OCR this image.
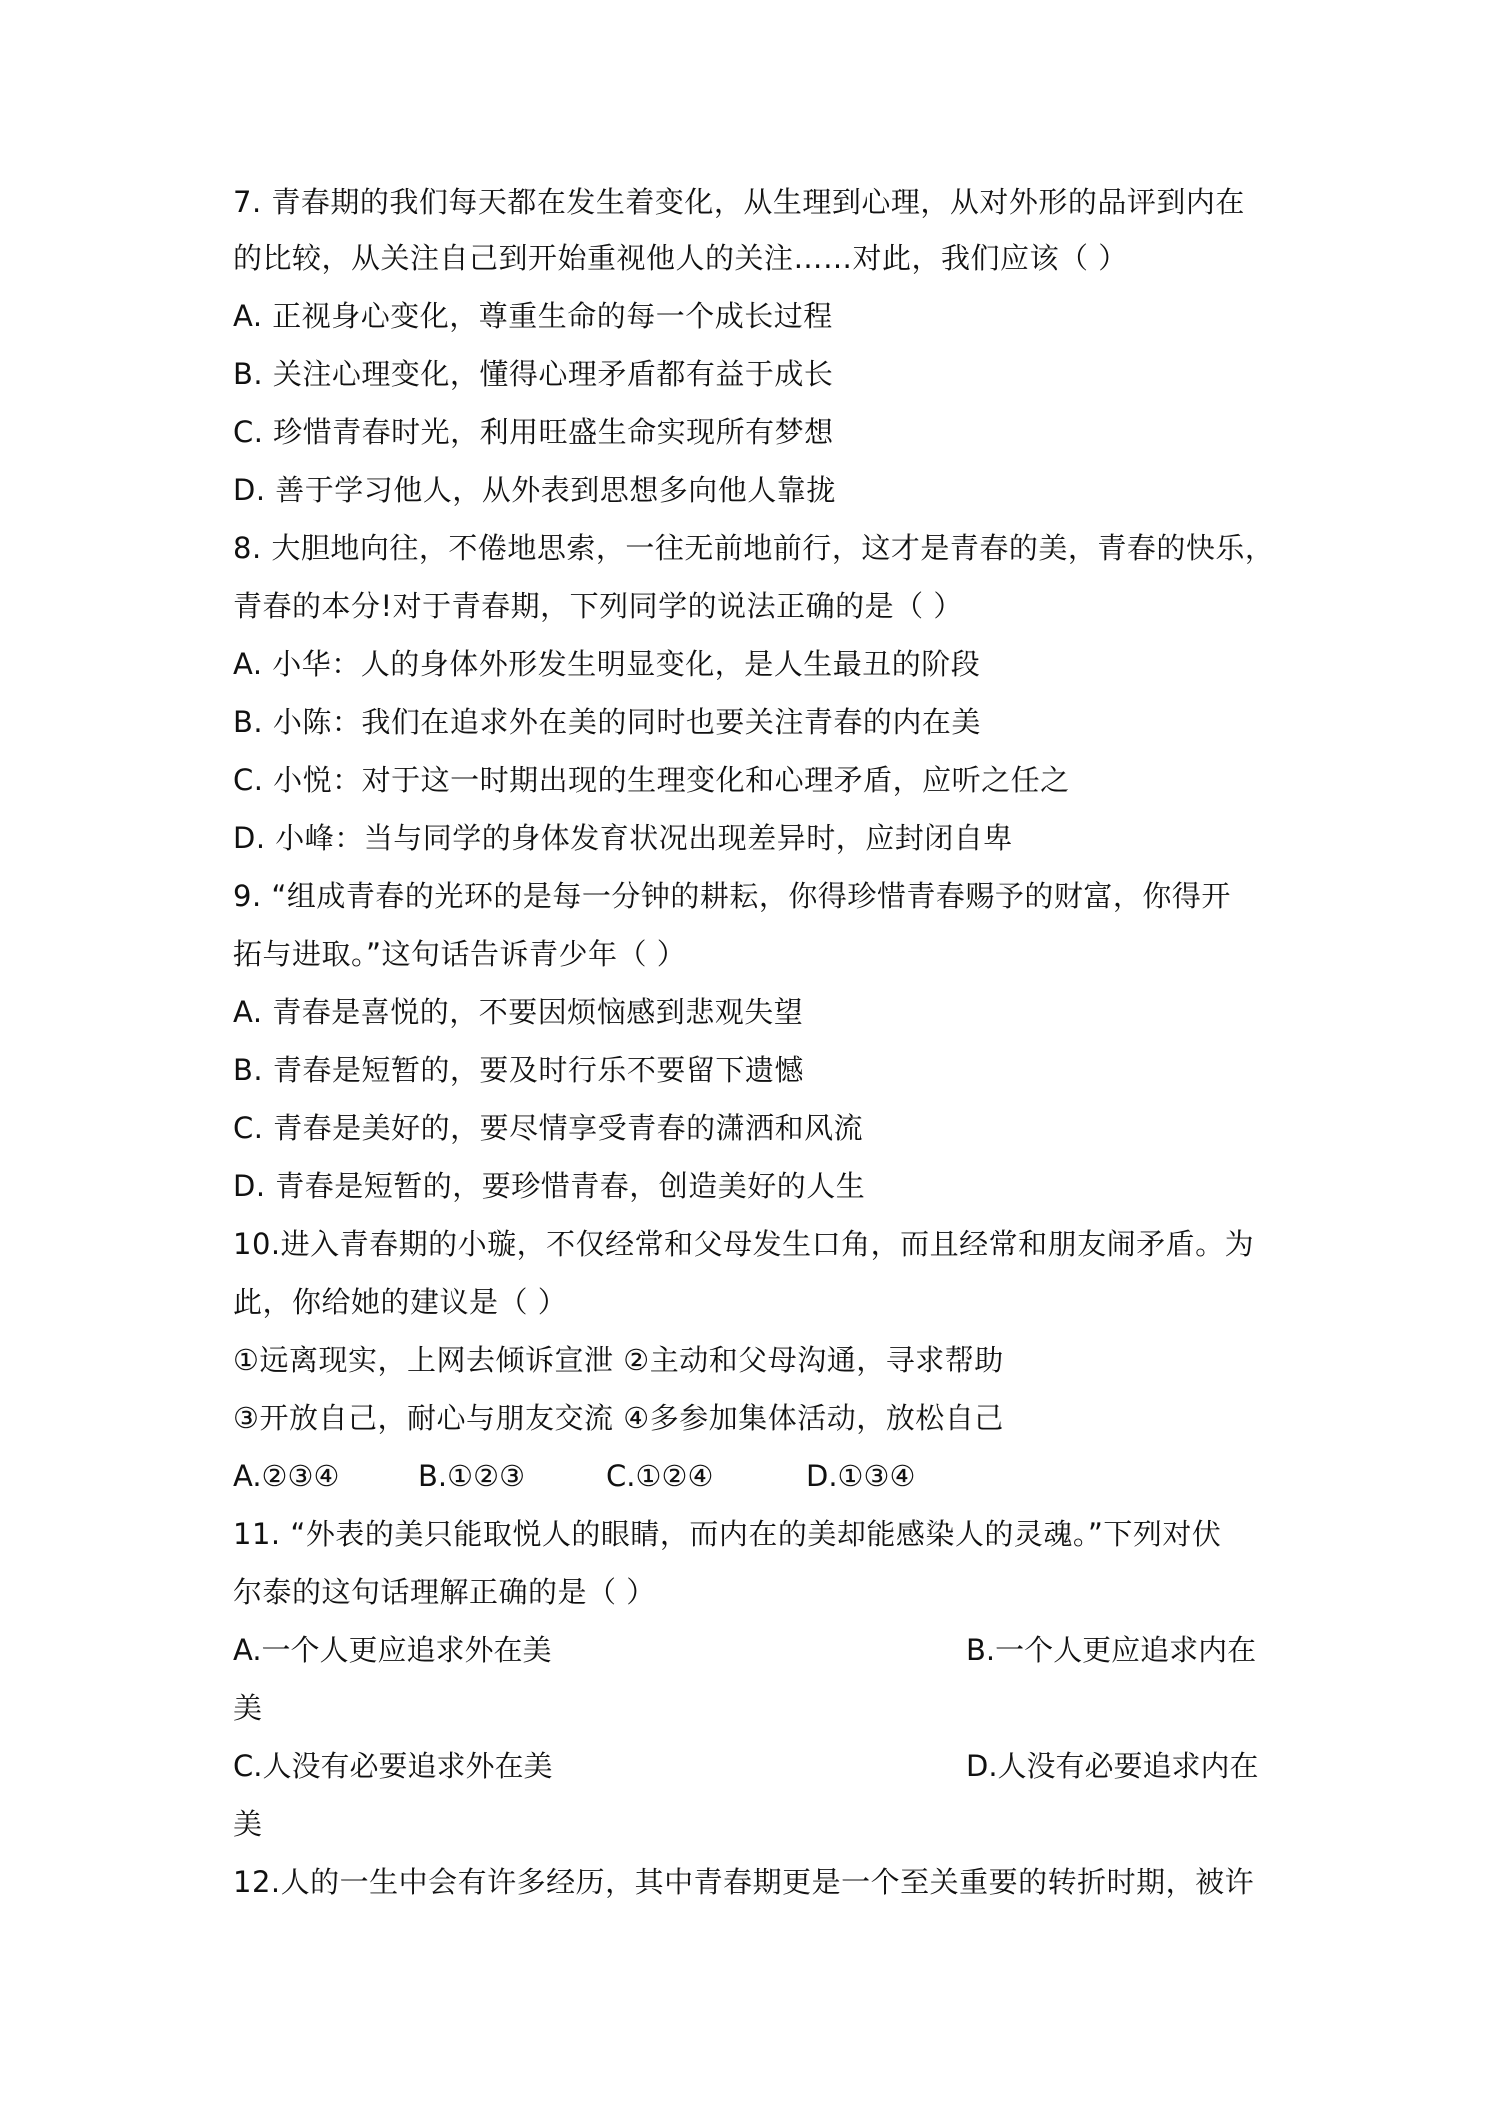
7. 青春期的我们每天都在发生着变化，从生理到心理，从对外形的品评到内在
的比较，从关注自己到开始重视他人的关注……对此，我们应该（ ）
A. 正视身心变化，尊重生命的每一个成长过程
B. 关注心理变化，懂得心理矛盾都有益于成长
C. 珍惜青春时光，利用旺盛生命实现所有梦想
D. 善于学习他人，从外表到思想多向他人靠拢
8. 大胆地向往，不倦地思索，一往无前地前行，这才是青春的美，青春的快乐，
青春的本分!对于青春期，下列同学的说法正确的是（ ）
A. 小华：人的身体外形发生明显变化，是人生最丑的阶段
B. 小陈：我们在追求外在美的同时也要关注青春的内在美
C. 小悦：对于这一时期出现的生理变化和心理矛盾，应听之任之
D. 小峰：当与同学的身体发育状况出现差异时，应封闭自卑
9. “组成青春的光环的是每一分钟的耕耘，你得珍惜青春赐予的财富，你得开
拓与进取。”这句话告诉青少年（ ）
A. 青春是喜悦的，不要因烦恼感到悲观失望
B. 青春是短暂的，要及时行乐不要留下遗憾
C. 青春是美好的，要尽情享受青春的潇洒和风流
D. 青春是短暂的，要珍惜青春，创造美好的人生
10.进入青春期的小璇，不仅经常和父母发生口角，而且经常和朋友闹矛盾。为
此，你给她的建议是（ ）
①远离现实，上网去倾诉宣泄 ②主动和父母沟通，寻求帮助
③开放自己，耐心与朋友交流 ④多参加集体活动，放松自己
A.②③④	B.①②③	C.①②④	D.①③④
11. “外表的美只能取悦人的眼睛，而内在的美却能感染人的灵魂。”下列对伏
尔泰的这句话理解正确的是（ ）
A.一个人更应追求外在美	B.一个人更应追求内在
美
C.人没有必要追求外在美	D.人没有必要追求内在
美
12.人的一生中会有许多经历，其中青春期更是一个至关重要的转折时期，被许
